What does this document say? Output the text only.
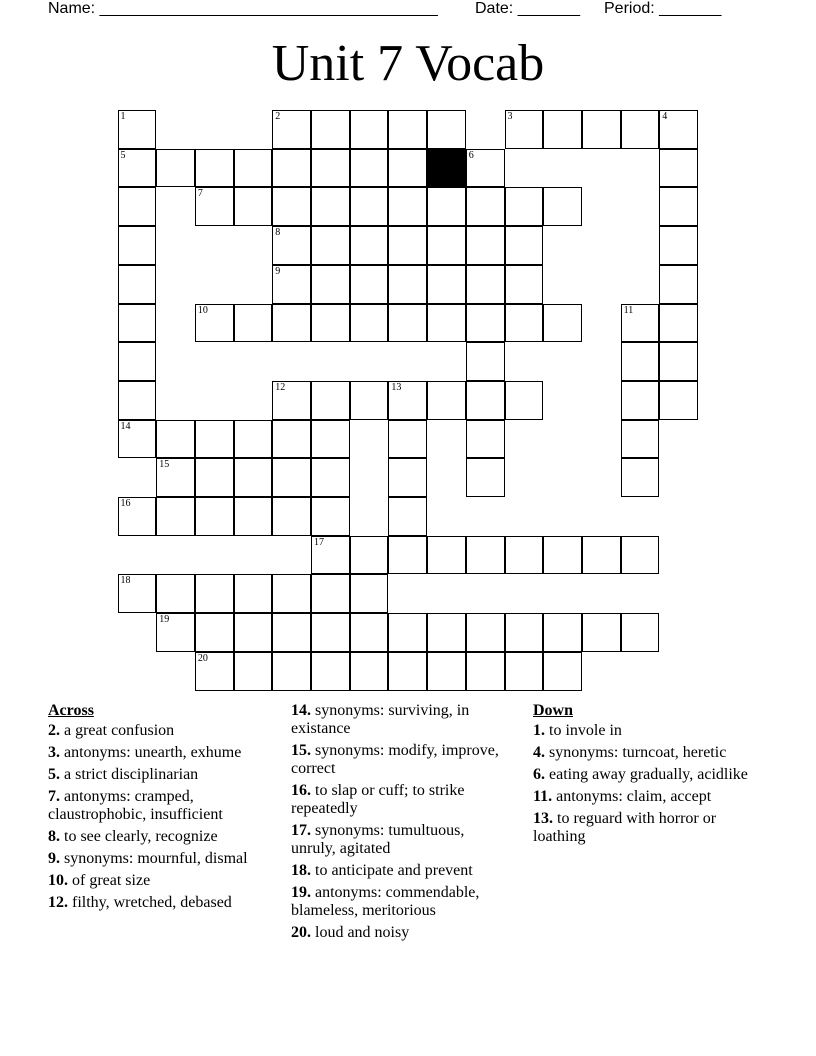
Name: ______________________________________ Date: _______ Period: _______
Unit 7 Vocab
1	2	3	4
5	6
7
8
9
10	11
12	13
14
15
16
17
18
19
20
Across
2. a great confusion
3. antonyms: unearth, exhume
5. a strict disciplinarian
7. antonyms: cramped, claustrophobic, insufficient
8. to see clearly, recognize
9. synonyms: mournful, dismal
10. of great size
12. filthy, wretched, debased
14. synonyms: surviving, in existance
15. synonyms: modify, improve, correct
16. to slap or cuff; to strike repeatedly
17. synonyms: tumultuous, unruly, agitated
18. to anticipate and prevent
19. antonyms: commendable, blameless, meritorious
20. loud and noisy
Down
1. to invole in
4. synonyms: turncoat, heretic
6. eating away gradually, acidlike
11. antonyms: claim, accept
13. to reguard with horror or loathing
